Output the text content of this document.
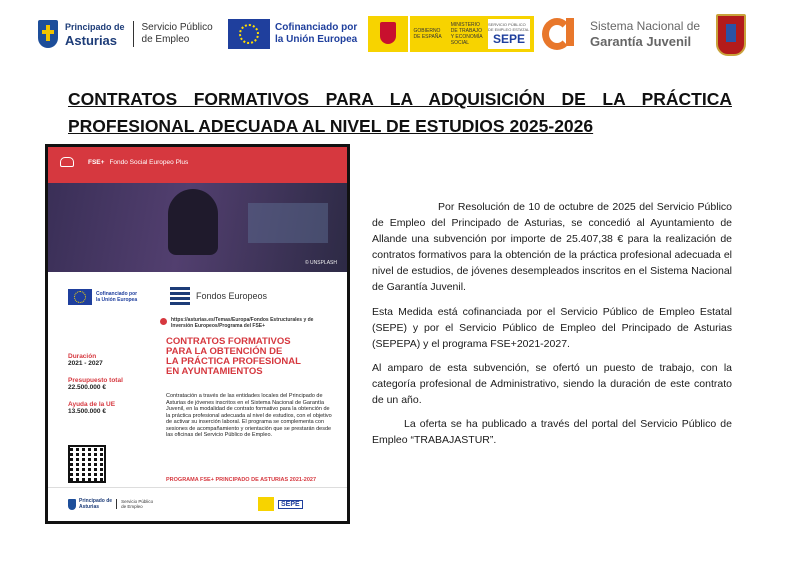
Principado de
Asturias
Servicio Público
de Empleo
Cofinanciado por
la Unión Europea
GOBIERNO
DE ESPAÑA
MINISTERIO
DE TRABAJO
Y ECONOMÍA SOCIAL
SERVICIO PÚBLICO DE EMPLEO ESTATAL
SEPE
Sistema Nacional de
Garantía Juvenil
CONTRATOS FORMATIVOS PARA LA ADQUISICIÓN DE LA PRÁCTICA PROFESIONAL ADECUADA AL NIVEL DE ESTUDIOS 2025-2026
FSE+ Fondo Social Europeo Plus
© UNSPLASH
Cofinanciado por
la Unión Europea	Fondos Europeos
https://asturias.es/Temas/Europa/Fondos Estructurales y de Inversión Europeos/Programa del FSE+
CONTRATOS FORMATIVOS
PARA LA OBTENCIÓN DE
LA PRÁCTICA PROFESIONAL
EN AYUNTAMIENTOS
Duración
2021 - 2027
Presupuesto total
22.500.000 €
Ayuda de la UE
13.500.000 €
Contratación a través de las entidades locales del Principado de Asturias de jóvenes inscritos en el Sistema Nacional de Garantía Juvenil, en la modalidad de contrato formativo para la obtención de la práctica profesional adecuada al nivel de estudios, con el objetivo de activar su inserción laboral. El programa se complementa con sesiones de acompañamiento y orientación que se prestarán desde las oficinas del Servicio Público de Empleo.
PROGRAMA FSE+ PRINCIPADO DE ASTURIAS 2021-2027
Principado de
Asturias
Servicio Público
de Empleo	SEPE

Por Resolución de 10 de octubre de 2025 del Servicio Público de Empleo del Principado de Asturias, se concedió al Ayuntamiento de Allande una subvención por importe de 25.407,38 € para la realización de contratos formativos para la obtención de la práctica profesional adecuada el nivel de estudios, de jóvenes desempleados inscritos en el Sistema Nacional de Garantía Juvenil.

Esta Medida está cofinanciada por el Servicio Público de Empleo Estatal (SEPE) y por el Servicio Público de Empleo del Principado de Asturias (SEPEPA) y el programa FSE+2021-2027.

Al amparo de esta subvención, se ofertó un puesto de trabajo, con la categoría profesional de Administrativo, siendo la duración de este contrato de un año.

La oferta se ha publicado a través del portal del Servicio Público de Empleo “TRABAJASTUR”.
